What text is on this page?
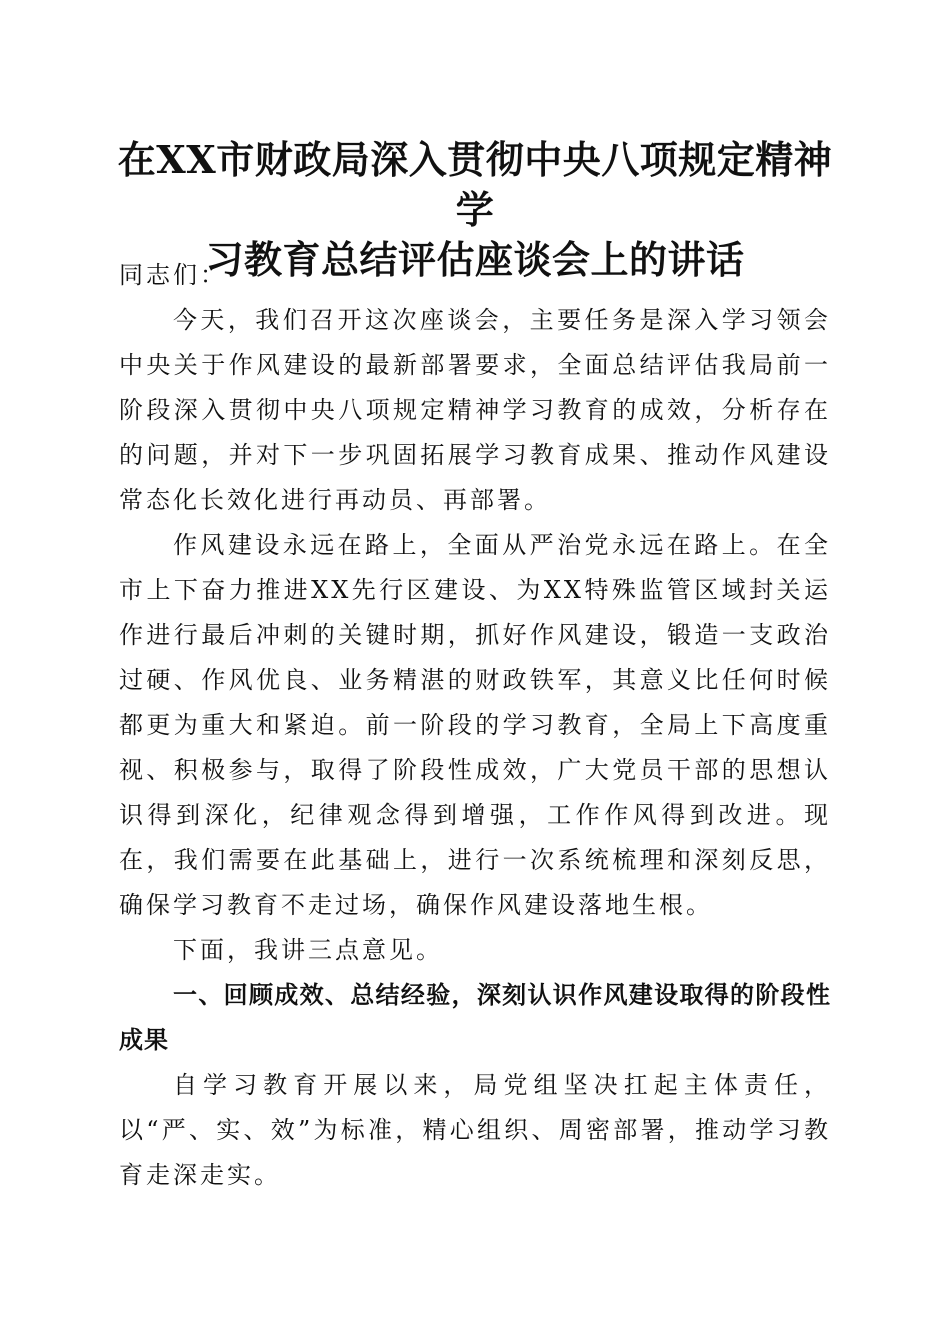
在XX市财政局深入贯彻中央八项规定精神学
习教育总结评估座谈会上的讲话

同志们：

今天，我们召开这次座谈会，主要任务是深入学习领会中央关于作风建设的最新部署要求，全面总结评估我局前一阶段深入贯彻中央八项规定精神学习教育的成效，分析存在的问题，并对下一步巩固拓展学习教育成果、推动作风建设常态化长效化进行再动员、再部署。

作风建设永远在路上，全面从严治党永远在路上。在全市上下奋力推进XX先行区建设、为XX特殊监管区域封关运作进行最后冲刺的关键时期，抓好作风建设，锻造一支政治过硬、作风优良、业务精湛的财政铁军，其意义比任何时候都更为重大和紧迫。前一阶段的学习教育，全局上下高度重视、积极参与，取得了阶段性成效，广大党员干部的思想认识得到深化，纪律观念得到增强，工作作风得到改进。现在，我们需要在此基础上，进行一次系统梳理和深刻反思，确保学习教育不走过场，确保作风建设落地生根。

下面，我讲三点意见。

一、回顾成效、总结经验，深刻认识作风建设取得的阶段性成果

自学习教育开展以来，局党组坚决扛起主体责任，以“严、实、效”为标准，精心组织、周密部署，推动学习教育走深走实。
